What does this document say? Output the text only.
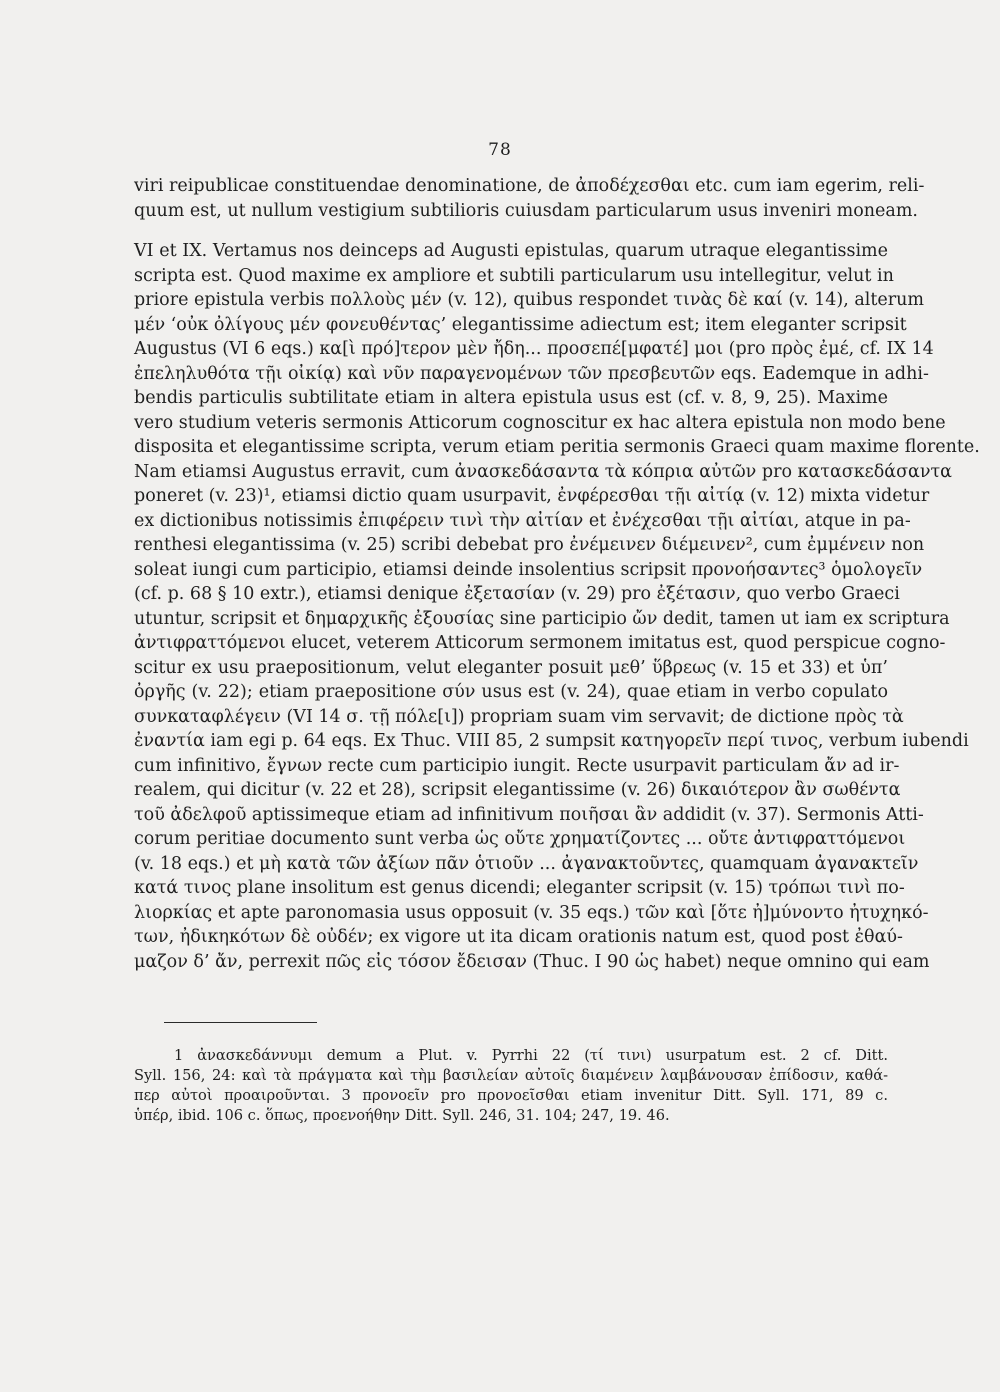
78
viri reipublicae constituendae denominatione, de ἀποδέχεσθαι etc. cum iam egerim, reli-
quum est, ut nullum vestigium subtilioris cuiusdam particularum usus inveniri moneam.
VI et IX. Vertamus nos deinceps ad Augusti epistulas, quarum utraque elegantissime
scripta est. Quod maxime ex ampliore et subtili particularum usu intellegitur, velut in
priore epistula verbis πολλοὺς μέν (v. 12), quibus respondet τινὰς δὲ καί (v. 14), alterum
μέν ‘οὐκ ὀλίγους μέν φονευθέντας’ elegantissime adiectum est; item eleganter scripsit
Augustus (VI 6 eqs.) κα[ὶ πρό]τερον μὲν ἤδη... προσεπέ[μφατέ] μοι (pro πρὸς ἐμέ, cf. IX 14
ἐπεληλυθότα τῇι οἰκίᾳ) καὶ νῦν παραγενομένων τῶν πρεσβευτῶν eqs. Eademque in adhi-
bendis particulis subtilitate etiam in altera epistula usus est (cf. v. 8, 9, 25). Maxime
vero studium veteris sermonis Atticorum cognoscitur ex hac altera epistula non modo bene
disposita et elegantissime scripta, verum etiam peritia sermonis Graeci quam maxime florente.
Nam etiamsi Augustus erravit, cum ἀνασκεδάσαντα τὰ κόπρια αὐτῶν pro κατασκεδάσαντα
poneret (v. 23)¹, etiamsi dictio quam usurpavit, ἐνφέρεσθαι τῇι αἰτίᾳ (v. 12) mixta videtur
ex dictionibus notissimis ἐπιφέρειν τινὶ τὴν αἰτίαν et ἐνέχεσθαι τῇι αἰτίαι, atque in pa-
renthesi elegantissima (v. 25) scribi debebat pro ἐνέμεινεν διέμεινεν², cum ἐμμένειν non
soleat iungi cum participio, etiamsi deinde insolentius scripsit προνοήσαντες³ ὁμολογεῖν
(cf. p. 68 § 10 extr.), etiamsi denique ἐξετασίαν (v. 29) pro ἐξέτασιν, quo verbo Graeci
utuntur, scripsit et δημαρχικῆς ἐξουσίας sine participio ὤν dedit, tamen ut iam ex scriptura
ἀντιφραττόμενοι elucet, veterem Atticorum sermonem imitatus est, quod perspicue cogno-
scitur ex usu praepositionum, velut eleganter posuit μεθ’ ὕβρεως (v. 15 et 33) et ὑπ’
ὀργῆς (v. 22); etiam praepositione σύν usus est (v. 24), quae etiam in verbo copulato
συνκαταφλέγειν (VI 14 σ. τῇ πόλε[ι]) propriam suam vim servavit; de dictione πρὸς τὰ
ἐναντία iam egi p. 64 eqs. Ex Thuc. VIII 85, 2 sumpsit κατηγορεῖν περί τινος, verbum iubendi
cum infinitivo, ἔγνων recte cum participio iungit. Recte usurpavit particulam ἄν ad ir-
realem, qui dicitur (v. 22 et 28), scripsit elegantissime (v. 26) δικαιότερον ἂν σωθέντα
τοῦ ἀδελφοῦ aptissimeque etiam ad infinitivum ποιῆσαι ἂν addidit (v. 37). Sermonis Atti-
corum peritiae documento sunt verba ὡς οὔτε χρηματίζοντες ... οὔτε ἀντιφραττόμενοι
(v. 18 eqs.) et μὴ κατὰ τῶν ἀξίων πᾶν ὁτιοῦν ... ἀγανακτοῦντες, quamquam ἀγανακτεῖν
κατά τινος plane insolitum est genus dicendi; eleganter scripsit (v. 15) τρόπωι τινὶ πο-
λιορκίας et apte paronomasia usus opposuit (v. 35 eqs.) τῶν καὶ [ὅτε ἠ]μύνοντο ἠτυχηκό-
των, ἠδικηκότων δὲ οὐδέν; ex vigore ut ita dicam orationis natum est, quod post ἐθαύ-
μαζον δ’ ἄν, perrexit πῶς εἰς τόσον ἔδεισαν (Thuc. I 90 ὡς habet) neque omnino qui eam
1 ἀνασκεδάννυμι demum a Plut. v. Pyrrhi 22 (τί τινι) usurpatum est. 2 cf. Ditt.
Syll. 156, 24: καὶ τὰ πράγματα καὶ τὴμ βασιλείαν αὐτοῖς διαμένειν λαμβάνουσαν ἐπίδοσιν, καθά-
περ αὐτοὶ προαιροῦνται. 3 προνοεῖν pro προνοεῖσθαι etiam invenitur Ditt. Syll. 171, 89 c.
ὑπέρ, ibid. 106 c. ὅπως, προενοήθην Ditt. Syll. 246, 31. 104; 247, 19. 46.
